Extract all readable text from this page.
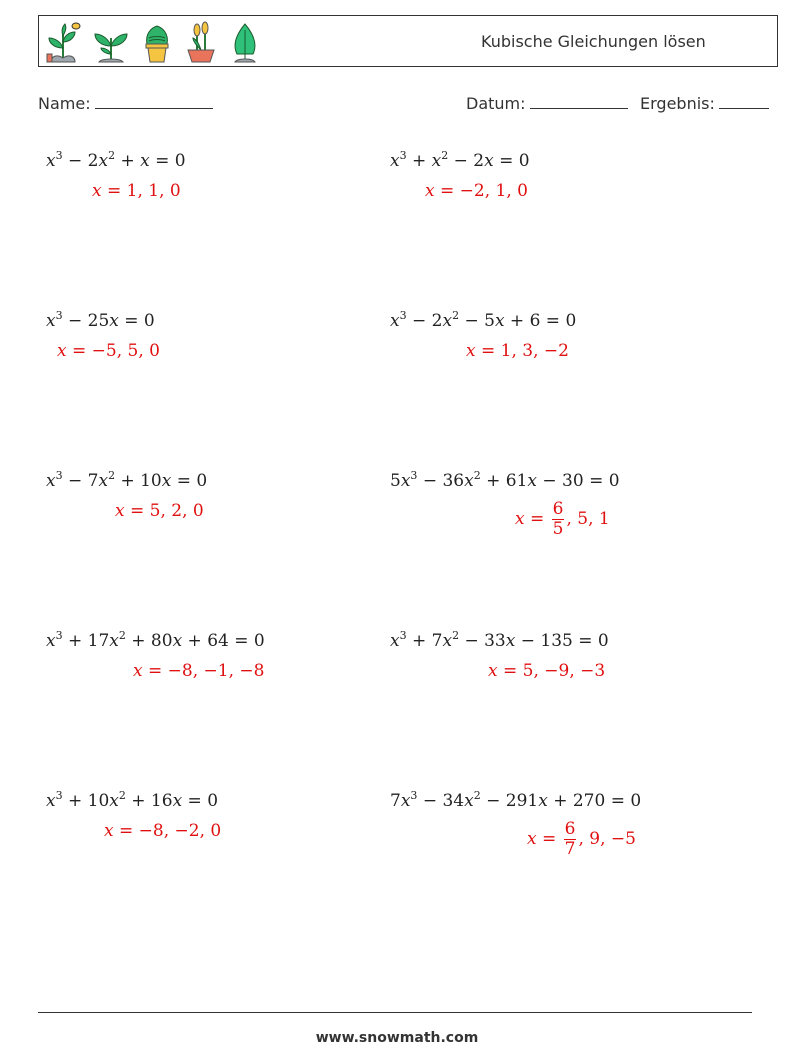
Kubische Gleichungen lösen
Name:	Datum:	Ergebnis:
$x^3 - 2x^2 + x = 0$
x = 1, 1, 0
$x^3 + x^2 - 2x = 0$
x = −2, 1, 0
$x^3 - 25x = 0$
x = −5, 5, 0
$x^3 - 2x^2 - 5x + 6 = 0$
x = 1, 3, −2
$x^3 - 7x^2 + 10x = 0$
x = 5, 2, 0
$5x^3 - 36x^2 + 61x - 30 = 0$
$x = \frac{6}{5}$ , 5, 1
$x^3 + 17x^2 + 80x + 64 = 0$
x = −8, −1, −8
$x^3 + 7x^2 - 33x - 135 = 0$
x = 5, −9, −3
$x^3 + 10x^2 + 16x = 0$
x = −8, −2, 0
$7x^3 - 34x^2 - 291x + 270 = 0$
$x = \frac{6}{7}$ , 9, −5
www.snowmath.com
